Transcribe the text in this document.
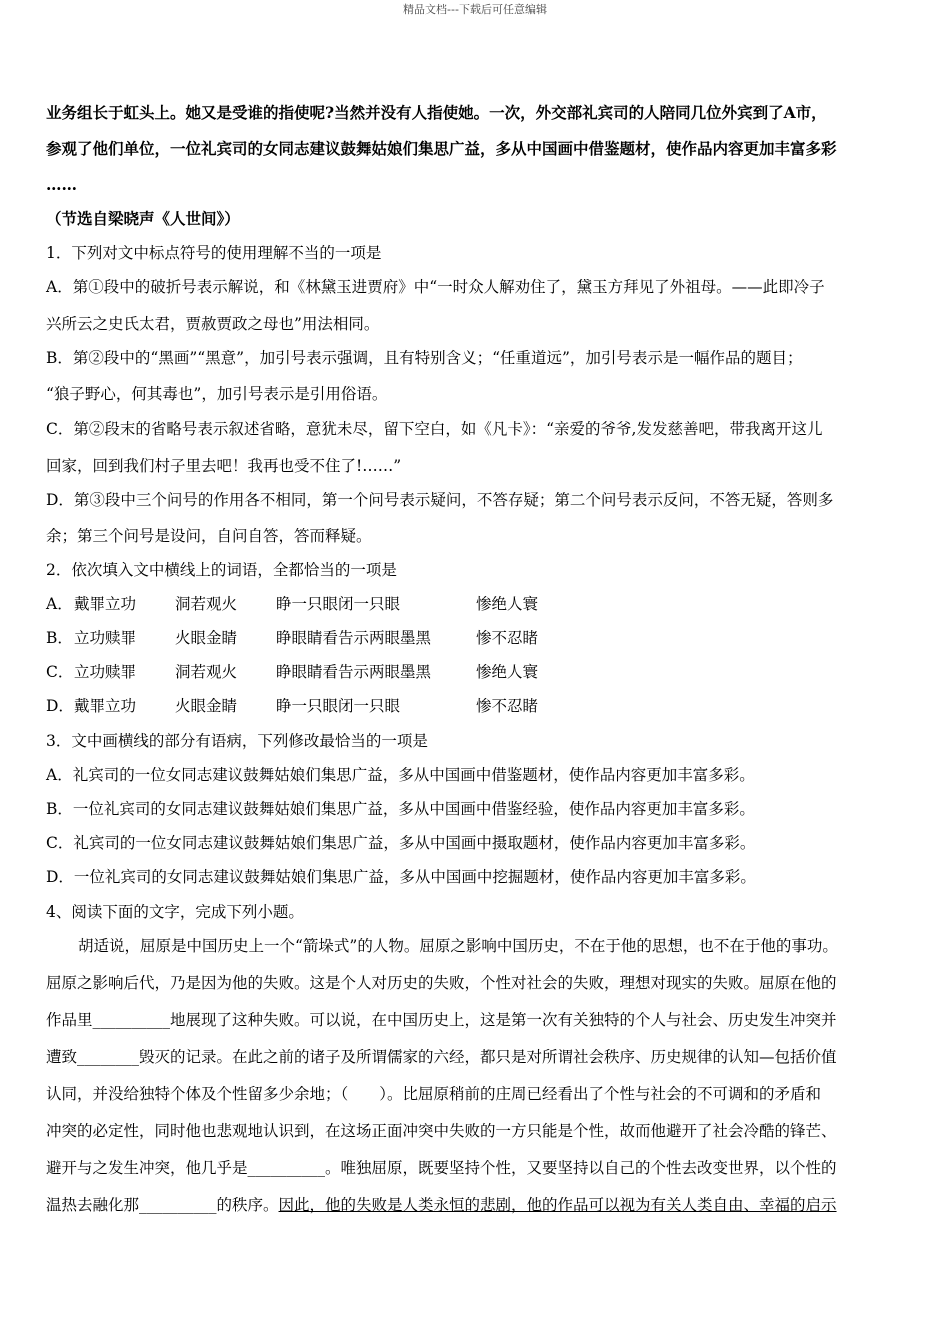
精品文档---下载后可任意编辑
业务组长于虹头上。她又是受谁的指使呢?当然并没有人指使她。一次，外交部礼宾司的人陪同几位外宾到了A市，
参观了他们单位，一位礼宾司的女同志建议鼓舞姑娘们集思广益，多从中国画中借鉴题材，使作品内容更加丰富多彩
……
（节选自梁晓声《人世间》）
1．下列对文中标点符号的使用理解不当的一项是
A．第①段中的破折号表示解说，和《林黛玉进贾府》中“一时众人解劝住了，黛玉方拜见了外祖母。——此即冷子
兴所云之史氏太君，贾赦贾政之母也”用法相同。
B．第②段中的“黑画”“黑意”，加引号表示强调，且有特别含义；“任重道远”，加引号表示是一幅作品的题目；
“狼子野心，何其毒也”，加引号表示是引用俗语。
C．第②段末的省略号表示叙述省略，意犹未尽，留下空白，如《凡卡》：“亲爱的爷爷,发发慈善吧，带我离开这儿
回家，回到我们村子里去吧！我再也受不住了!……”
D．第③段中三个问号的作用各不相同，第一个问号表示疑问，不答存疑；第二个问号表示反问，不答无疑，答则多
余；第三个问号是设问，自问自答，答而释疑。
2．依次填入文中横线上的词语，全都恰当的一项是
A． 戴罪立功	洞若观火	睁一只眼闭一只眼	惨绝人寰
B． 立功赎罪	火眼金睛	睁眼睛看告示两眼墨黑	惨不忍睹
C． 立功赎罪	洞若观火	睁眼睛看告示两眼墨黑	惨绝人寰
D． 戴罪立功	火眼金睛	睁一只眼闭一只眼	惨不忍睹
3．文中画横线的部分有语病，下列修改最恰当的一项是
A．礼宾司的一位女同志建议鼓舞姑娘们集思广益，多从中国画中借鉴题材，使作品内容更加丰富多彩。
B．一位礼宾司的女同志建议鼓舞姑娘们集思广益，多从中国画中借鉴经验，使作品内容更加丰富多彩。
C．礼宾司的一位女同志建议鼓舞姑娘们集思广益，多从中国画中摄取题材，使作品内容更加丰富多彩。
D．一位礼宾司的女同志建议鼓舞姑娘们集思广益，多从中国画中挖掘题材，使作品内容更加丰富多彩。
4、阅读下面的文字，完成下列小题。
胡适说，屈原是中国历史上一个“箭垛式”的人物。屈原之影响中国历史，不在于他的思想，也不在于他的事功。
屈原之影响后代，乃是因为他的失败。这是个人对历史的失败，个性对社会的失败，理想对现实的失败。屈原在他的
作品里__________地展现了这种失败。可以说，在中国历史上，这是第一次有关独特的个人与社会、历史发生冲突并
遭致________毁灭的记录。在此之前的诸子及所谓儒家的六经，都只是对所谓社会秩序、历史规律的认知—包括价值
认同，并没给独特个体及个性留多少余地；（　　）。比屈原稍前的庄周已经看出了个性与社会的不可调和的矛盾和
冲突的必定性，同时他也悲观地认识到，在这场正面冲突中失败的一方只能是个性，故而他避开了社会冷酷的锋芒、
避开与之发生冲突，他几乎是__________。唯独屈原，既要坚持个性，又要坚持以自己的个性去改变世界，以个性的
温热去融化那__________的秩序。因此，他的失败是人类永恒的悲剧，他的作品可以视为有关人类自由、幸福的启示
